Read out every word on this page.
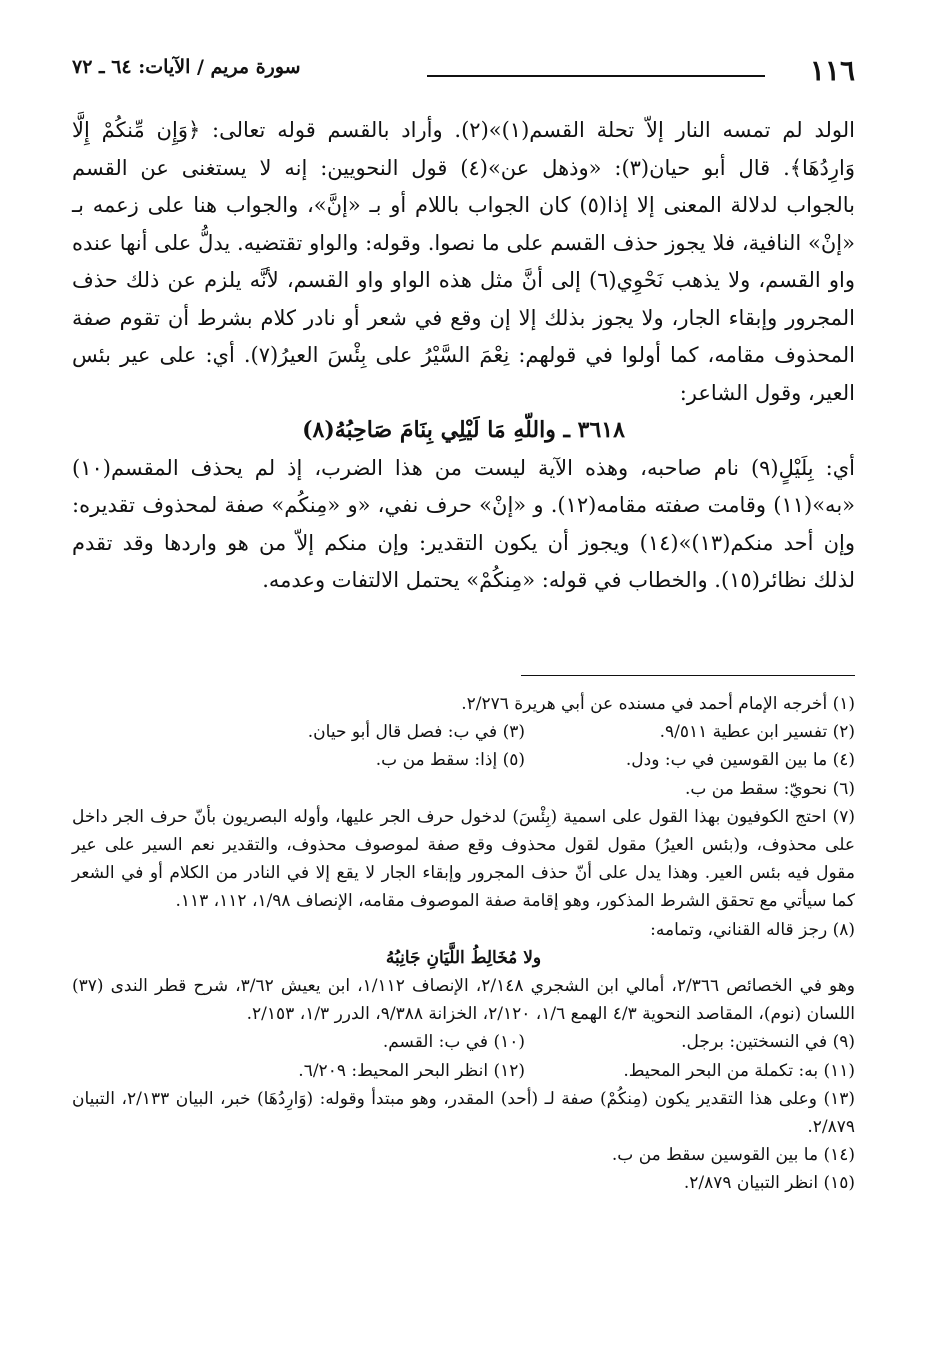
١١٦
سورة مريم / الآيات: ٦٤ ـ ٧٢

الولد لم تمسه النار إلاّ تحلة القسم(١)»(٢). وأراد بالقسم قوله تعالى: ﴿وَإِن مِّنكُمْ إِلَّا وَارِدُهَا﴾. قال أبو حيان(٣): «وذهل عن»(٤) قول النحويين: إنه لا يستغنى عن القسم بالجواب لدلالة المعنى إلا إذا(٥) كان الجواب باللام أو بـ «إنَّ»، والجواب هنا على زعمه بـ «إنْ» النافية، فلا يجوز حذف القسم على ما نصوا. وقوله: والواو تقتضيه. يدلُّ على أنها عنده واو القسم، ولا يذهب نَحْوِي(٦) إلى أنَّ مثل هذه الواو واو القسم، لأنَّه يلزم عن ذلك حذف المجرور وإبقاء الجار، ولا يجوز بذلك إلا إن وقع في شعر أو نادر كلام بشرط أن تقوم صفة المحذوف مقامه، كما أولوا في قولهم: نِعْمَ السَّيْرُ على بِئْسَ العيرُ(٧). أي: على عير بئس العير، وقول الشاعر:

٣٦١٨ ـ واللّهِ مَا لَيْلِي بِنَامَ صَاحِبُهُ(٨)

أي: بِلَيْلٍ(٩) نام صاحبه، وهذه الآية ليست من هذا الضرب، إذ لم يحذف المقسم(١٠) «به»(١١) وقامت صفته مقامه(١٢). و «إنْ» حرف نفي، «و «مِنكُم» صفة لمحذوف تقديره: وإن أحد منكم(١٣)»(١٤) ويجوز أن يكون التقدير: وإن منكم إلاّ من هو واردها وقد تقدم لذلك نظائر(١٥). والخطاب في قوله: «مِنكُمْ» يحتمل الالتفات وعدمه.

(١) أخرجه الإمام أحمد في مسنده عن أبي هريرة ٢/٢٧٦.
(٢) تفسير ابن عطية ٩/٥١١.
(٣) في ب: فصل قال أبو حيان.
(٤) ما بين القوسين في ب: ودل.
(٥) إذا: سقط من ب.
(٦) نحويّ: سقط من ب.
(٧) احتج الكوفيون بهذا القول على اسمية (بِئْسَ) لدخول حرف الجر عليها، وأوله البصريون بأنّ حرف الجر داخل على محذوف، و(بئس العيرُ) مقول لقول محذوف وقع صفة لموصوف محذوف، والتقدير نعم السير على عير مقول فيه بئس العير. وهذا يدل على أنّ حذف المجرور وإبقاء الجار لا يقع إلا في النادر من الكلام أو في الشعر كما سيأتي مع تحقق الشرط المذكور، وهو إقامة صفة الموصوف مقامه، الإنصاف ١/٩٨، ١١٢، ١١٣.
(٨) رجز قاله القناني، وتمامه:
ولا مُخَالِطُ اللَّيَانِ جَانِبُهُ
وهو في الخصائص ٢/٣٦٦، أمالي ابن الشجري ٢/١٤٨، الإنصاف ١/١١٢، ابن يعيش ٣/٦٢، شرح قطر الندى (٣٧) اللسان (نوم)، المقاصد النحوية ٤/٣ الهمع ١/٦، ٢/١٢٠، الخزانة ٩/٣٨٨، الدرر ١/٣، ٢/١٥٣.
(٩) في النسختين: برجل.
(١٠) في ب: القسم.
(١١) به: تكملة من البحر المحيط.
(١٢) انظر البحر المحيط: ٦/٢٠٩.
(١٣) وعلى هذا التقدير يكون (مِنكُمْ) صفة لـ (أحد) المقدر، وهو مبتدأ وقوله: (وَارِدُهَا) خبر، البيان ٢/١٣٣، التبيان ٢/٨٧٩.
(١٤) ما بين القوسين سقط من ب.
(١٥) انظر التبيان ٢/٨٧٩.
